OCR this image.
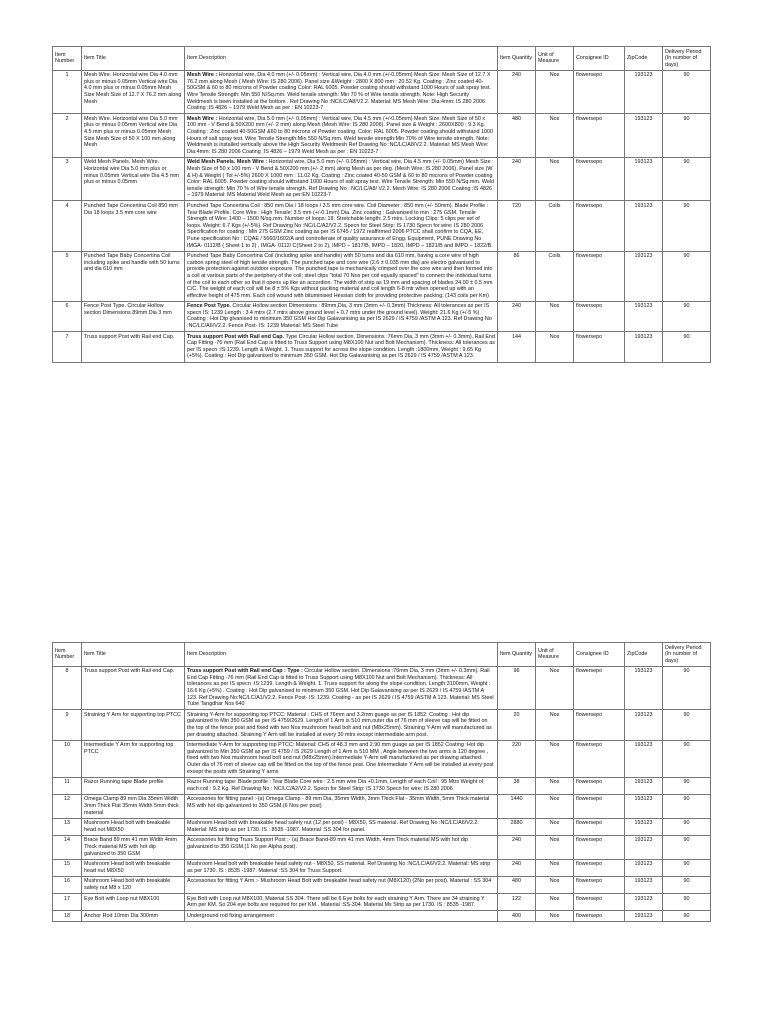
Item Number	Item Title	Item Description	Item Quantity	Unit of Measure	Consignee ID	ZipCode	Delivery Period (In number of days)
1	Mesh Wire. Horizontal wire Dia 4.0 mm plus or minus 0.05mm Vertical wire Dia 4.0 mm plus or minus 0.05mm Mesh Size Mesh Size of 12.7 X 76.2 mm along Mesh	Mesh Wire : Horizontal wire, Dia 4.0 mm (+/- 0.05mm) : Vertical wire, Dia 4.0 mm (+/-0.05mm) Mesh Size: Mesh Size of 12.7 X 76.2 mm along Mesh ( Mesh Wire: IS 280 2006). Panel size &Weight : 2800 X 800 mm : 20.52 Kg. Coating : Zinc coated 40-50GSM & 60 to 80 microns of Powder coating Color: RAL 6005. Powder coating should withstand 1000 Hours of salt spray test. Wire Tensile Strength: Min 550 N/Sq.mm. Weld tensile strength: Min 70 % of Wire tensile strength. Note: High Security Weldmesh is been installed at the bottom . Ref Drawing No :NC/LC/A8/V2.2. Material: MS Mesh Wire: Dia:4mm: IS 280 2006 Coating :IS 4826 – 1979 Weld Mesh as per : EN 10223-7	240	Nos	flowersepo	193123	90
2	Mesh Wire. Horizontal wire Dia 5.0 mm plus or minus 0.05mm Vertical wire Dia 4.5 mm plus or minus 0.05mm Mesh Size Mesh Size of 50 X 100 mm along Mesh	Mesh Wire : Horizontal wire, Dia 5.0 mm (+/- 0.05mm) : Vertical wire, Dia 4.5 mm (+/-0.05mm) Mesh Size: Mesh Size of 50 x 100 mm - V Bend & 50X200 mm (+/- 2 mm) along Mesh (Mesh Wire: IS 280 2006). Panel size & Weight : 2600X800 : 9.3 Kg. Coating : Zinc coated 40-50GSM &60 to 80 microns of Powder coating. Color: RAL 6005. Powder coating should withstand 1000 Hours of salt spray test. Wire Tensile Strength:Min 550 N/Sq.mm. Weld tensile strength:Min 70% of Wire tensile strength. Note: Weldmesh is installed vertically above the High Security Weldmesh Ref Drawing No :NC/LC/A8/V2.2. Material: MS Mesh Wire: Dia:4mm: IS 280 2006 Coating :IS 4826 – 1979 Weld Mesh as per : EN 10223-7	480	Nos	flowersepo	193123	90
3	Weld Mesh Panels. Mesh Wire. Horizontal wire Dia 5.0 mm plus or minus 0.05mm Vertical wire Dia 4.5 mm plus or minus 0.05mm	Weld Mesh Panels. Mesh Wire : Horizontal wire, Dia 5.0 mm (+/- 0.05mm) : Vertical wire, Dia 4.5 mm (+/- 0.05mm) Mesh Size : Mesh Size of 50 x 100 mm - V Bend & 50X200 mm (+/- 2 mm) along Mesh as per deg. (Mesh Wire: IS 280 2006). Panel size (W & H) & Weight ( Tol +/-5%) 2600 X 1000 mm : 11.02 Kg. Coating : Zinc coated 40-50 GSM & 60 to 80 microns of Powder coating Color: RAL 6005. Powder coating should withstand 1000 Hours of salt spray test. Wire Tensile Strength: Min 550 N/Sq.mm. Weld tensile strength: Min 70 % of Wire tensile strength. Ref Drawing No : NC/LC/A8/ V2.2. Mesh Wire: IS 280 2006 Coating :IS 4826 – 1979 Material: MS Material Weld Mesh as per:EN 10223-7	240	Nos	flowersepo	193123	90
4	Punched Tape Concertina Coil 850 mm Dia 18 loops 3.5 mm core wire	Punched Tape Concertina Coil : 850 mm Dia / 18 loops / 3.5 mm core wire. Coil Diameter : 850 mm (+/- 50mm). Blade Profile : Tear Blade Profile. Core Wire : High Tensile: 3.5 mm (+/-0.1mm) Dia. Zinc coating : Galvanised to min : 275 GSM. Tensile Strength of Wire: 1400 – 1500 N/sq.mm. Number of loops: 18. Stretchable length: 2.5 mtrs. Locking Clips: 5 clips per set of loops. Weight: 6.7 Kgs (+/-5%). Ref Drawing No :NC/LC/A2/V2.2. Specn for Steel Strip: IS 1730 Specn for wire: IS 280 2006 Specification for coating : Min 275 GSM Zinc coating as per IS 6745 / 1972 reaffirmed 2006 PTCC shall confirm to CQA, EE, Pune specification No : CQAE / 5660/1602/A and controllerate of quality assurance of Engg. Equipment, PUNE Drawing No IMGA- 0112/B ( Sheet 1 to 2) , IMGA- 0112/ C(Sheet 2 to 2), IMPD – 1817/B, IMPD – 1820, IMPD – 1821/B and IMPD – 1822/B.	720	Coils	flowersepo	193123	90
5	Punched Tape Baby Concertina Coil including spike and handle with 50 turns and dia 610 mm	Punched Tape Baby Concertina Coil (including spike and handle) with 50 turns and dia 610 mm, having a core wire of high carbon spring steel of high tensile strength. The punched tape and core wire (2.6 ± 0.035 mm dia) are electro galvanised to provide protection against outdoor exposure. The punched tape is mechanically crimped over the core wire and then formed into a coil at various parts of the periphery of the coil; steel clips "total 70 Nos per coil equally spaced" to connect the individual turns of the coil to each other so that it opens up like an accordion. The width of strip as 19 mm and spacing of blades 24.00 ± 0.5 mm C/C. The weight of each coil will be 8 ± 5% Kgs without packing material and coil length 6-8 mtr when opened up with an effective height of 475 mm. Each coil wound with bituminised Hessian cloth for providing protective packing. (143 coils per Km)	86	Coils	flowersepo	193123	90
6	Fence Post Type. Circular Hollow section Dimensions 89mm Dia 3 mm	Fence Post Type. Circular Hollow section Dimensions : 89mm,Dia, 3 mm (3mm +/- 0.3mm) Thickness: All tolerances as per IS specn IS: 1239 Length : 3.4 mtrs (2.7 mtrs above ground level + 0.7 mtrs under the ground level). Weight: 21.6 Kg (+/-5 %) Coating : Hot Dip glvanised to minimum 350 GSM Hot Dip Galavanising as per IS 2629 / IS 4759 /ASTM A 123. Ref Drawing No :NC/LC/A6/V2.2. Fence Post- IS: 1239 Material: MS Steel Tube	240	Nos	flowersepo	193123	90
7	Truss support Post with Rail end Cap.	Truss support Post with Rail end Cap. Type Circular Hollow section. Dimensions :76mm Dia, 3 mm (3mm +/- 0.3mm). Rail End Cap Fitting -76 mm (Rail End Cap is fitted to Truss Support using M8X100 Nut and Bolt Mechanism). Thickness: All tolerances as per IS specn :IS:1239. Length & Weight. 1. Truss support for across the slope condition. Length :1800mm, Weight : 9.65 Kg (+5%). Coating : Hot Dip galvanised to minimum 350 GSM. Hot Dip Galavanising as per IS 2629 / IS 4759 /ASTM A 123.	144	Nos	flowersepo	193123	90
Item Number	Item Title	Item Description	Item Quantity	Unit of Measure	Consignee ID	ZipCode	Delivery Period (In number of days)
8	Truss support Post with Rail end Cap.	Truss support Post with Rail end Cap : Type : Circular Hollow section. Dimensions :76mm Dia, 3 mm (3mm +/- 0.3mm). Rail End Cap Fitting -76 mm (Rail End Cap is fitted to Truss Support using M8X100 Nut and Bolt Mechanism). Thickness: All tolerances as per IS specn :IS:1239. Length & Weight. 1. Truss support for along the slope condition. Length:3100mm, Weight : 16.6 Kg (+5%) . Coating : Hot Dip galvanised to minimum 350 GSM. Hot Dip Galavanising as per IS 2629 / IS 4759 /ASTM A 123. Ref Drawing No:NC/LC/A1/V2.2. Fence Post- IS: 1239. Coating - as per IS 2629 / IS 4759 /ASTM A 123. Material: MS Steel Tube Tangdhar Nos 640	96	Nos	flowersepo	193123	90
9	Straining Y Arm for supporting top PTCC	Straining Y-Arm for supporting top PTCC: Material : CHS of 76mm and 3.2mm guage as per IS 1852. Coating : Hot dip galvanized to Min 350 GSM as per IS 4759/2629. Length of 1 Arm is 510 mm,outer dia of 76 mm of sleeve cap will be fitted on the top of the fence post and fixed with two Nos mushroom head bolt and nut (M8x25mm). Straining Y-Arm will manufactured as per drawing attached. Straining Y Arm will be installed at every 30 mtrs except intermediate arm post.	20	Nos	flowersepo	193123	90
10	Intermediate Y Arm for supporting top PTCC	Intermediate Y-Arm for supporting top PTCC: Material: CHS of 48.3 mm and 2.90 mm guage as per IS 1852 Coating :Hot dip galvanized to Min 350 GSM as per IS 4759 / IS 2629 Length of 1 Arm is 510 MM , Angle between the two arms is 120 degree , fixed with two Nos mushroom head bolt and nut (M8x25mm).Intermediate Y-Arm will manufactured as per drawing attached. Outer dia of 76 mm of sleeve cap will be fitted on the top of the fence post. One Intermediate Y Arm will be installed at every post except the posts with Straining Y arms	220	Nos	flowersepo	193123	90
11	Razor Running tape Blade profile	Razor Running tape: Blade profile : Tear Blade Core wire : 2.5 mm wire Dia +0.1mm, Length of each Coil : 95 Mtrs Weight of each coil : 9.2 Kg. Ref Drawing No : NC/LC/A2/V2.2. Specn for Steel Strip: IS 1730 Specn for wire: IS 280 2006	38	Nos	flowersepo	193123	90
12	Omega Clamp 89 mm Dia 35mm Width 3mm Thick Flat 35mm Width 5mm thick material	Accessories for fitting panel :-(a) Omega Clamp - 89 mm Dia, 35mm Width, 3mm Thick Flat - 35mm Width, 5mm Thick material MS with hot dip galvanized to 350 GSM.(6 Nos per post)	1440	Nos	flowersepo	193123	90
13	Mushroom Head bolt with breakable head nut M8X50	Mushroom Head bolt with breakable head safety nut (12 per post) - M8X50, SS material. Ref Drawing No :NC/LC/A6/V2.2. Material: MS strip as per 1730. IS : 8535 -1987. Material :SS 304 for panel.	2880	Nos	flowersepo	193123	90
14	Brace Band 89 mm 41 mm Width 4mm Thick material MS with hot dip galvanized to 350 GSM	Accessories for fitting Truss Support Post :- (a) Brace Band-89 mm 41 mm Width, 4mm Thick material MS with hot dip galvanized to 350 GSM.(1 No per Alpha post).	240	Nos	flowersepo	193123	90
15	Mushroom Head bolt with breakable head nut M8X50	Mushroom Head bolt with breakable head safety nut - M8X50, SS material. Ref Drawing No :NC/LC/A6/V2.2. Material: MS strip as per 1730. IS : 8535 -1987. Material :SS 304 for Truss Support.	240	Nos	flowersepo	193123	90
16	Mushroom Head bolt with breakable safety nut M8 x 120	Accessories for fitting Y Arm :- Mushroom Head Bolt with breakable head safety nut (M8X120) (2No per post). Material : SS 304	480	Nos	flowersepo	193123	90
17	Eye Bolt with Loop nut M8X100	Eye Bolt with Loop nut M8X100, Material SS 304. There will be 6 Eye bolts for each straining Y Arm. There are 34 straining Y Arm per KM. So 204 eye bolts are required for per KM.. Material :SS-304. Material Ms Strip as per 1730. IS : 8535 -1987.	122	Nos	flowersepo	193123	90
18	Anchor Rod 10mm Dia 300mm	Underground rod fixing arrangement :	400	Nos	flowersepo	193123	90
